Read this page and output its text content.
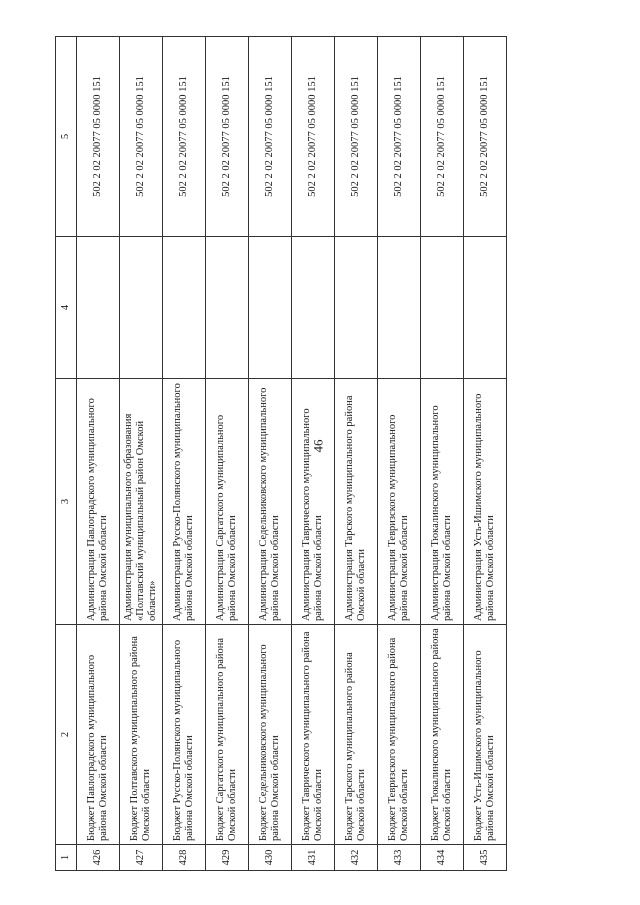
46
1	2	3	4	5
426	Бюджет Павлоградского муниципального района Омской области	Администрация Павлоградского муниципального района Омской области		502 2 02 20077 05 0000 151
427	Бюджет Полтавского муниципального района Омской области	Администрация муниципального образования «Полтавский муниципальный район Омской области»		502 2 02 20077 05 0000 151
428	Бюджет Русско-Полянского муниципального района Омской области	Администрация Русско-Полянского муниципального района Омской области		502 2 02 20077 05 0000 151
429	Бюджет Саргатского муниципального района Омской области	Администрация Саргатского муниципального района Омской области		502 2 02 20077 05 0000 151
430	Бюджет Седельниковского муниципального района Омской области	Администрация Седельниковского муниципального района Омской области		502 2 02 20077 05 0000 151
431	Бюджет Таврического муниципального района Омской области	Администрация Таврического муниципального района Омской области		502 2 02 20077 05 0000 151
432	Бюджет Тарского муниципального района Омской области	Администрация Тарского муниципального района Омской области		502 2 02 20077 05 0000 151
433	Бюджет Тевризского муниципального района Омской области	Администрация Тевризского муниципального района Омской области		502 2 02 20077 05 0000 151
434	Бюджет Тюкалинского муниципального района Омской области	Администрация Тюкалинского муниципального района Омской области		502 2 02 20077 05 0000 151
435	Бюджет Усть-Ишимского муниципального района Омской области	Администрация Усть-Ишимского муниципального района Омской области		502 2 02 20077 05 0000 151
